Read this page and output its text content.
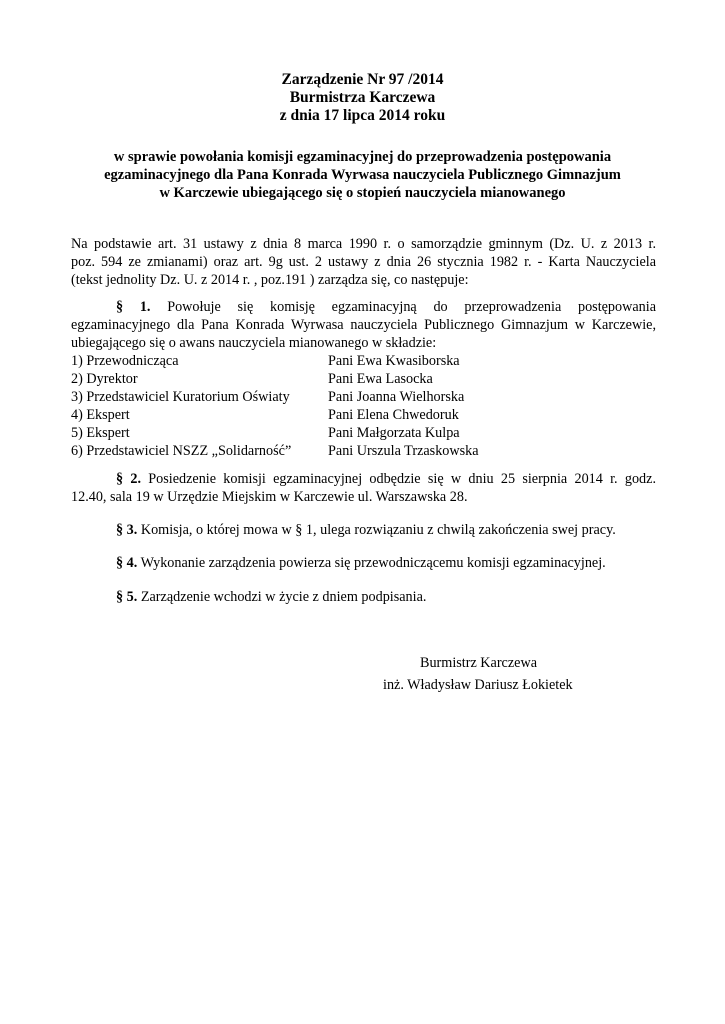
Zarządzenie Nr 97 /2014
Burmistrza Karczewa
z dnia 17 lipca 2014 roku
w sprawie powołania komisji egzaminacyjnej do przeprowadzenia postępowania
egzaminacyjnego dla Pana Konrada Wyrwasa nauczyciela Publicznego Gimnazjum
w Karczewie ubiegającego się o stopień nauczyciela mianowanego
Na podstawie art. 31 ustawy z dnia 8 marca 1990 r. o samorządzie gminnym (Dz. U. z 2013 r.
poz. 594 ze zmianami) oraz art. 9g ust. 2 ustawy z dnia 26 stycznia 1982 r. - Karta Nauczyciela
(tekst jednolity Dz. U. z 2014 r. , poz.191 ) zarządza się, co następuje:
§ 1. Powołuje się komisję egzaminacyjną do przeprowadzenia postępowania
egzaminacyjnego dla Pana Konrada Wyrwasa nauczyciela Publicznego Gimnazjum w Karczewie,
ubiegającego się o awans nauczyciela mianowanego w składzie:
1) Przewodnicząca	Pani Ewa Kwasiborska
2) Dyrektor	Pani Ewa Lasocka
3) Przedstawiciel Kuratorium Oświaty	Pani Joanna Wielhorska
4) Ekspert	Pani Elena Chwedoruk
5) Ekspert	Pani Małgorzata Kulpa
6) Przedstawiciel NSZZ „Solidarność”	Pani Urszula Trzaskowska
§ 2. Posiedzenie komisji egzaminacyjnej odbędzie się w dniu 25 sierpnia 2014 r. godz.
12.40, sala 19 w Urzędzie Miejskim w Karczewie ul. Warszawska 28.
§ 3. Komisja, o której mowa w § 1, ulega rozwiązaniu z chwilą zakończenia swej pracy.
§ 4. Wykonanie zarządzenia powierza się przewodniczącemu komisji egzaminacyjnej.
§ 5. Zarządzenie wchodzi w życie z dniem podpisania.
Burmistrz Karczewa
inż. Władysław Dariusz Łokietek
